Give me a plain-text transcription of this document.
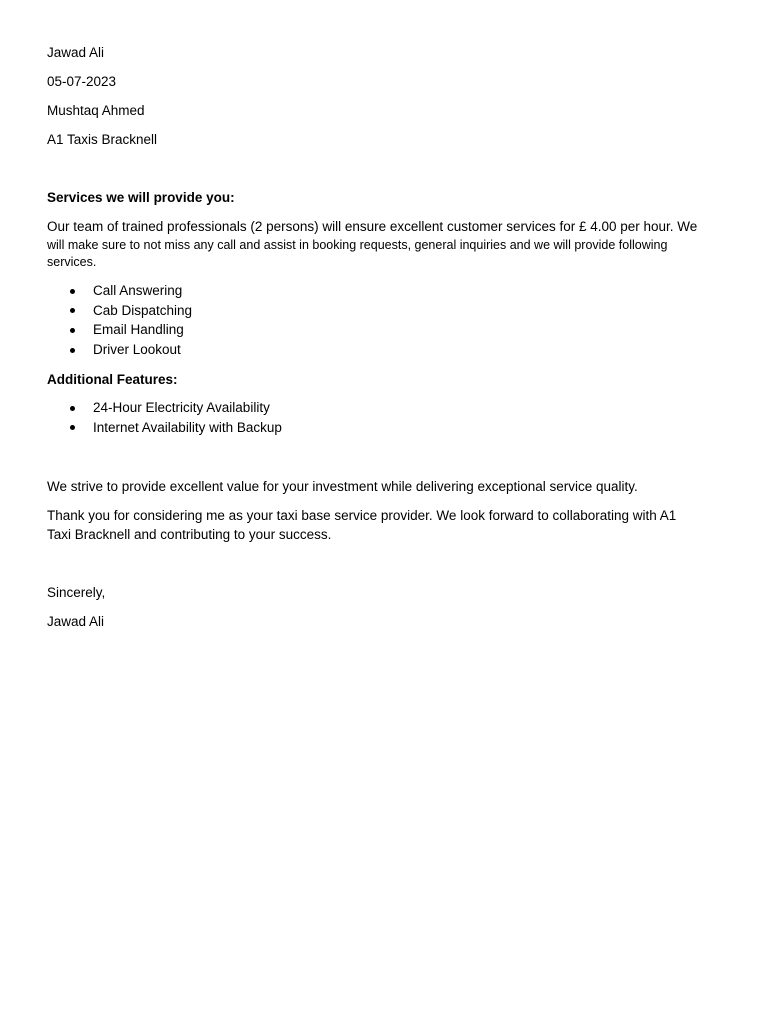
Jawad Ali
05-07-2023
Mushtaq Ahmed
A1 Taxis Bracknell
Services we will provide you:
Our team of trained professionals (2 persons) will ensure excellent customer services for £ 4.00 per hour. We
will make sure to not miss any call and assist in booking requests, general inquiries and we will provide following
services.
Call Answering
Cab Dispatching
Email Handling
Driver Lookout
Additional Features:
24-Hour Electricity Availability
Internet Availability with Backup
We strive to provide excellent value for your investment while delivering exceptional service quality.
Thank you for considering me as your taxi base service provider. We look forward to collaborating with A1
Taxi Bracknell and contributing to your success.
Sincerely,
Jawad Ali
